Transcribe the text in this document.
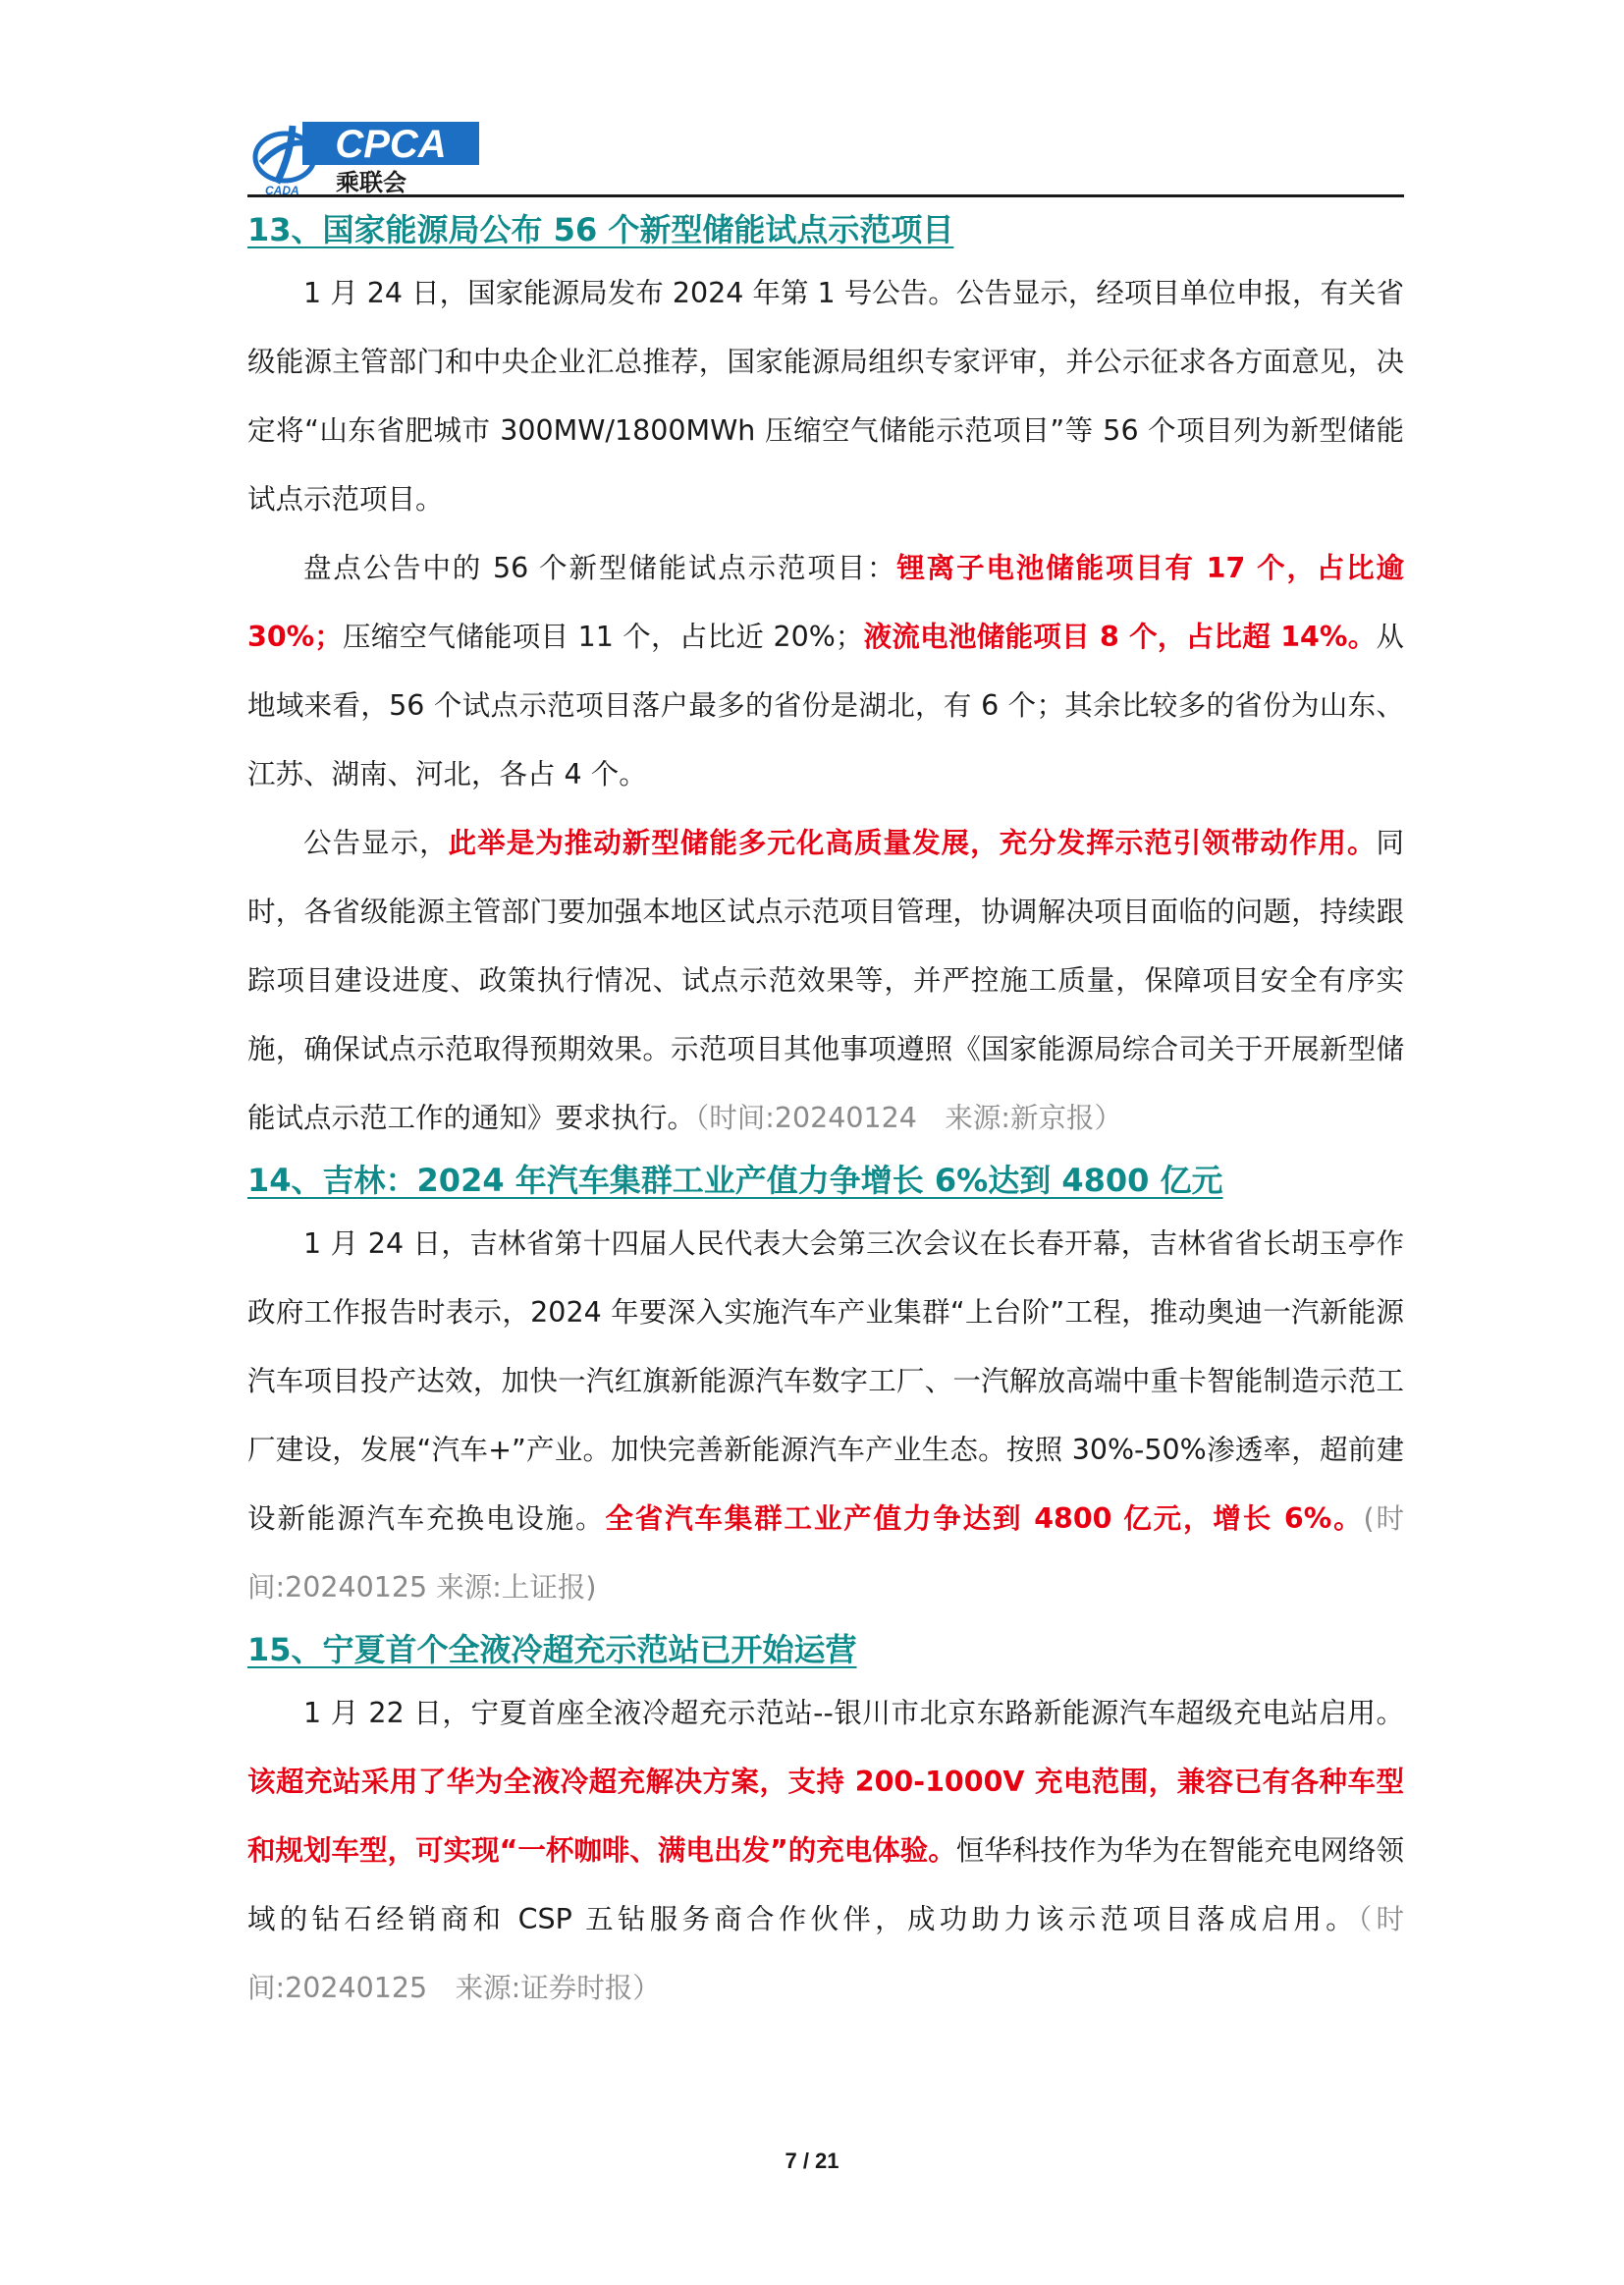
CPCA
乘联会
CADA
13、国家能源局公布 56 个新型储能试点示范项目

1 月 24 日，国家能源局发布 2024 年第 1 号公告。公告显示，经项目单位申报，有关省级能源主管部门和中央企业汇总推荐，国家能源局组织专家评审，并公示征求各方面意见，决定将“山东省肥城市 300MW/1800MWh 压缩空气储能示范项目”等 56 个项目列为新型储能试点示范项目。

盘点公告中的 56 个新型储能试点示范项目：锂离子电池储能项目有 17 个，占比逾 30%；压缩空气储能项目 11 个，占比近 20%；液流电池储能项目 8 个，占比超 14%。从地域来看，56 个试点示范项目落户最多的省份是湖北，有 6 个；其余比较多的省份为山东、江苏、湖南、河北，各占 4 个。

公告显示，此举是为推动新型储能多元化高质量发展，充分发挥示范引领带动作用。同时，各省级能源主管部门要加强本地区试点示范项目管理，协调解决项目面临的问题，持续跟踪项目建设进度、政策执行情况、试点示范效果等，并严控施工质量，保障项目安全有序实施，确保试点示范取得预期效果。示范项目其他事项遵照《国家能源局综合司关于开展新型储能试点示范工作的通知》要求执行。（时间:20240124　来源:新京报）

14、吉林：2024 年汽车集群工业产值力争增长 6%达到 4800 亿元

1 月 24 日，吉林省第十四届人民代表大会第三次会议在长春开幕，吉林省省长胡玉亭作政府工作报告时表示，2024 年要深入实施汽车产业集群“上台阶”工程，推动奥迪一汽新能源汽车项目投产达效，加快一汽红旗新能源汽车数字工厂、一汽解放高端中重卡智能制造示范工厂建设，发展“汽车+”产业。加快完善新能源汽车产业生态。按照 30%-50%渗透率，超前建设新能源汽车充换电设施。全省汽车集群工业产值力争达到 4800 亿元，增长 6%。(时间:20240125 来源:上证报)

15、宁夏首个全液冷超充示范站已开始运营

1 月 22 日，宁夏首座全液冷超充示范站--银川市北京东路新能源汽车超级充电站启用。该超充站采用了华为全液冷超充解决方案，支持 200-1000V 充电范围，兼容已有各种车型和规划车型，可实现“一杯咖啡、满电出发”的充电体验。恒华科技作为华为在智能充电网络领域的钻石经销商和 CSP 五钻服务商合作伙伴，成功助力该示范项目落成启用。（时间:20240125　来源:证券时报）

7 / 21
